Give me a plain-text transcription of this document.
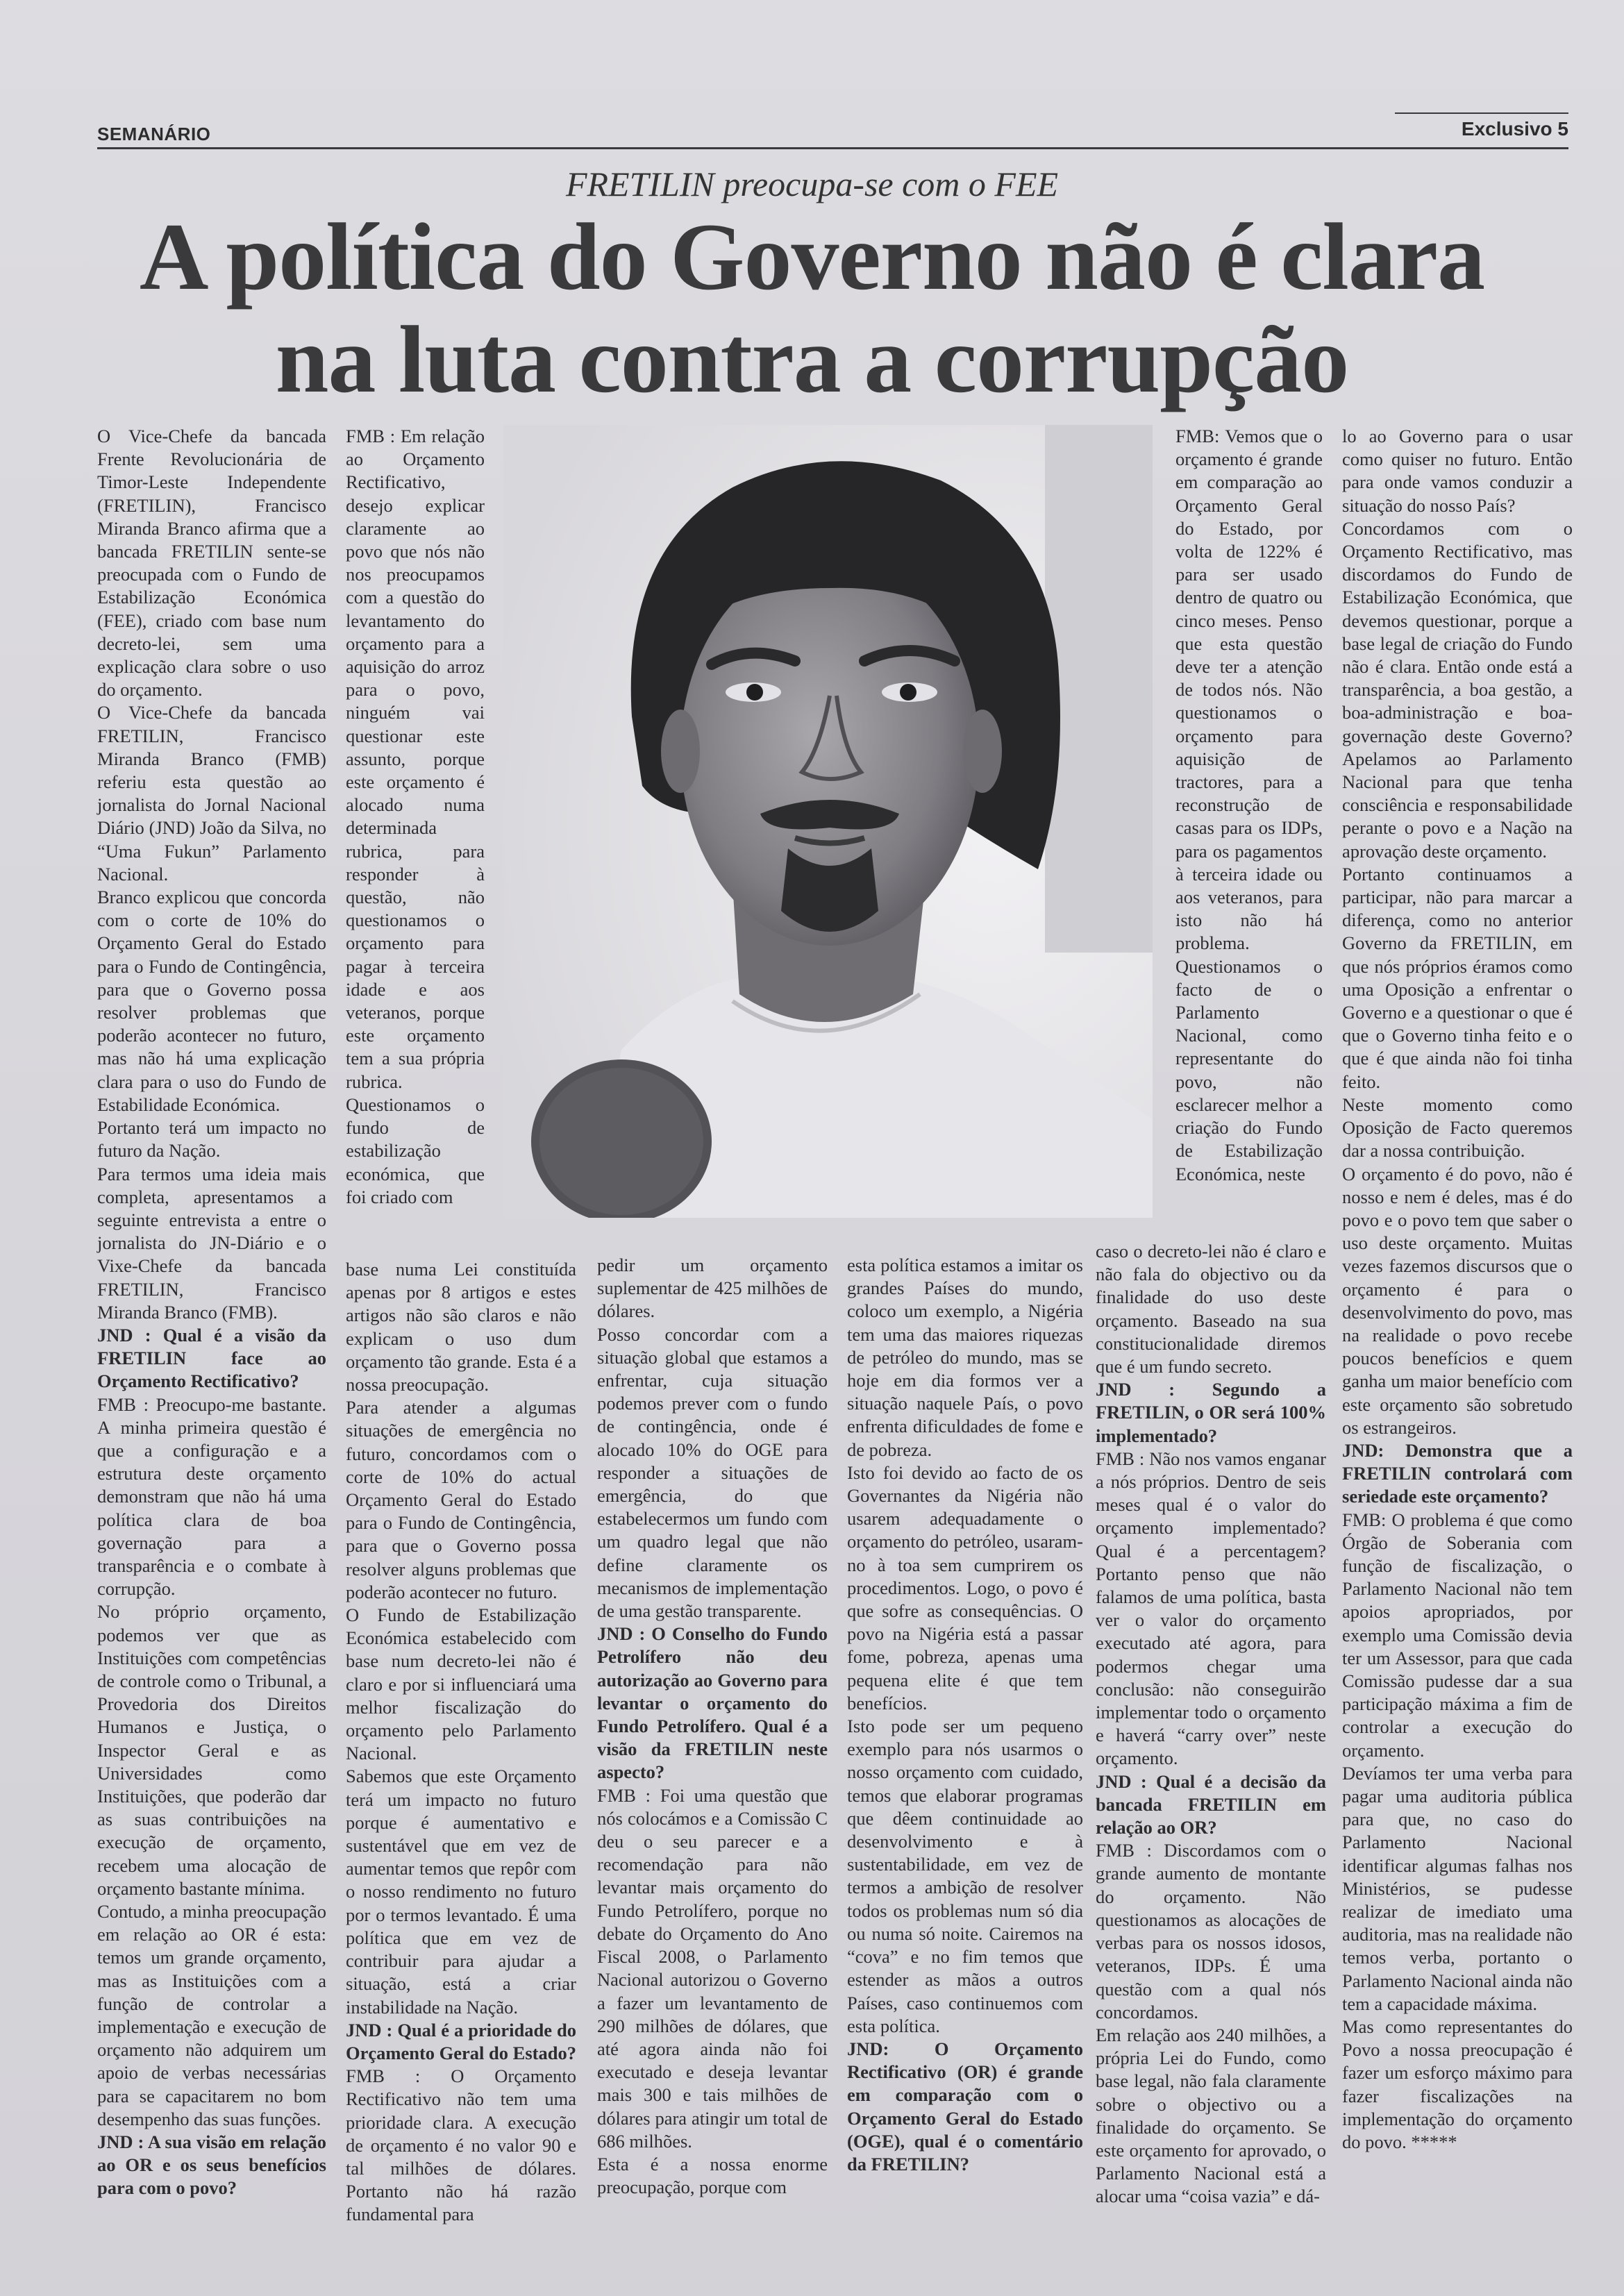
SEMANÁRIO	Exclusivo 5
FRETILIN preocupa-se com o FEE
A política do Governo não é clara
na luta contra a corrupção

O Vice-Chefe da bancada Frente Revolucionária de Timor-Leste Independente (FRETILIN), Francisco Miranda Branco afirma que a bancada FRETILIN sente-se preocupada com o Fundo de Estabilização Económica (FEE), criado com base num decreto-lei, sem uma explicação clara sobre o uso do orçamento.

O Vice-Chefe da bancada FRETILIN, Francisco Miranda Branco (FMB) referiu esta questão ao jornalista do Jornal Nacional Diário (JND) João da Silva, no “Uma Fukun” Parlamento Nacional.

Branco explicou que concorda com o corte de 10% do Orçamento Geral do Estado para o Fundo de Contingência, para que o Governo possa resolver problemas que poderão acontecer no futuro, mas não há uma explicação clara para o uso do Fundo de Estabilidade Económica.

Portanto terá um impacto no futuro da Nação.

Para termos uma ideia mais completa, apresentamos a seguinte entrevista a entre o jornalista do JN-Diário e o Vixe-Chefe da bancada FRETILIN, Francisco Miranda Branco (FMB).

JND : Qual é a visão da FRETILIN face ao Orçamento Rectificativo?

FMB : Preocupo-me bastante. A minha primeira questão é que a configuração e a estrutura deste orçamento demonstram que não há uma política clara de boa governação para a transparência e o combate à corrupção.

No próprio orçamento, podemos ver que as Instituições com competências de controle como o Tribunal, a Provedoria dos Direitos Humanos e Justiça, o Inspector Geral e as Universidades como Instituições, que poderão dar as suas contribuições na execução de orçamento, recebem uma alocação de orçamento bastante mínima.

Contudo, a minha preocupação em relação ao OR é esta: temos um grande orçamento, mas as Instituições com a função de controlar a implementação e execução de orçamento não adquirem um apoio de verbas necessárias para se capacitarem no bom desempenho das suas funções.

JND : A sua visão em relação ao OR e os seus benefícios para com o povo?

FMB : Em relação ao Orçamento Rectificativo, desejo explicar claramente ao povo que nós não nos preocupamos com a questão do levantamento do orçamento para a aquisição do arroz para o povo, ninguém vai questionar este assunto, porque este orçamento é alocado numa determinada rubrica, para responder à questão, não questionamos o orçamento para pagar à terceira idade e aos veteranos, porque este orçamento tem a sua própria rubrica. Questionamos o fundo de estabilização económica, que foi criado com

base numa Lei constituída apenas por 8 artigos e estes artigos não são claros e não explicam o uso dum orçamento tão grande. Esta é a nossa preocupação.

Para atender a algumas situações de emergência no futuro, concordamos com o corte de 10% do actual Orçamento Geral do Estado para o Fundo de Contingência, para que o Governo possa resolver alguns problemas que poderão acontecer no futuro.

O Fundo de Estabilização Económica estabelecido com base num decreto-lei não é claro e por si influenciará uma melhor fiscalização do orçamento pelo Parlamento Nacional.

Sabemos que este Orçamento terá um impacto no futuro porque é aumentativo e sustentável que em vez de aumentar temos que repôr com o nosso rendimento no futuro por o termos levantado. É uma política que em vez de contribuir para ajudar a situação, está a criar instabilidade na Nação.

JND : Qual é a prioridade do Orçamento Geral do Estado?

FMB : O Orçamento Rectificativo não tem uma prioridade clara. A execução de orçamento é no valor 90 e tal milhões de dólares. Portanto não há razão fundamental para

pedir um orçamento suplementar de 425 milhões de dólares.

Posso concordar com a situação global que estamos a enfrentar, cuja situação podemos prever com o fundo de contingência, onde é alocado 10% do OGE para responder a situações de emergência, do que estabelecermos um fundo com um quadro legal que não define claramente os mecanismos de implementação de uma gestão transparente.

JND : O Conselho do Fundo Petrolífero não deu autorização ao Governo para levantar o orçamento do Fundo Petrolífero. Qual é a visão da FRETILIN neste aspecto?

FMB : Foi uma questão que nós colocámos e a Comissão C deu o seu parecer e a recomendação para não levantar mais orçamento do Fundo Petrolífero, porque no debate do Orçamento do Ano Fiscal 2008, o Parlamento Nacional autorizou o Governo a fazer um levantamento de 290 milhões de dólares, que até agora ainda não foi executado e deseja levantar mais 300 e tais milhões de dólares para atingir um total de 686 milhões.

Esta é a nossa enorme preocupação, porque com

esta política estamos a imitar os grandes Países do mundo, coloco um exemplo, a Nigéria tem uma das maiores riquezas de petróleo do mundo, mas se hoje em dia formos ver a situação naquele País, o povo enfrenta dificuldades de fome e de pobreza.

Isto foi devido ao facto de os Governantes da Nigéria não usarem adequadamente o orçamento do petróleo, usaram-no à toa sem cumprirem os procedimentos. Logo, o povo é que sofre as consequências. O povo na Nigéria está a passar fome, pobreza, apenas uma pequena elite é que tem benefícios.

Isto pode ser um pequeno exemplo para nós usarmos o nosso orçamento com cuidado, temos que elaborar programas que dêem continuidade ao desenvolvimento e à sustentabilidade, em vez de termos a ambição de resolver todos os problemas num só dia ou numa só noite. Cairemos na “cova” e no fim temos que estender as mãos a outros Países, caso continuemos com esta política.

JND: O Orçamento Rectificativo (OR) é grande em comparação com o Orçamento Geral do Estado (OGE), qual é o comentário da FRETILIN?

FMB: Vemos que o orçamento é grande em comparação ao Orçamento Geral do Estado, por volta de 122% é para ser usado dentro de quatro ou cinco meses. Penso que esta questão deve ter a atenção de todos nós. Não questionamos o orçamento para aquisição de tractores, para a reconstrução de casas para os IDPs, para os pagamentos à terceira idade ou aos veteranos, para isto não há problema. Questionamos o facto de o Parlamento Nacional, como representante do povo, não esclarecer melhor a criação do Fundo de Estabilização Económica, neste

caso o decreto-lei não é claro e não fala do objectivo ou da finalidade do uso deste orçamento. Baseado na sua constitucionalidade diremos que é um fundo secreto.

JND : Segundo a FRETILIN, o OR será 100% implementado?

FMB : Não nos vamos enganar a nós próprios. Dentro de seis meses qual é o valor do orçamento implementado? Qual é a percentagem? Portanto penso que não falamos de uma política, basta ver o valor do orçamento executado até agora, para podermos chegar uma conclusão: não conseguirão implementar todo o orçamento e haverá “carry over” neste orçamento.

JND : Qual é a decisão da bancada FRETILIN em relação ao OR?

FMB : Discordamos com o grande aumento de montante do orçamento. Não questionamos as alocações de verbas para os nossos idosos, veteranos, IDPs. É uma questão com a qual nós concordamos.

Em relação aos 240 milhões, a própria Lei do Fundo, como base legal, não fala claramente sobre o objectivo ou a finalidade do orçamento. Se este orçamento for aprovado, o Parlamento Nacional está a alocar uma “coisa vazia” e dá-

lo ao Governo para o usar como quiser no futuro. Então para onde vamos conduzir a situação do nosso País?

Concordamos com o Orçamento Rectificativo, mas discordamos do Fundo de Estabilização Económica, que devemos questionar, porque a base legal de criação do Fundo não é clara. Então onde está a transparência, a boa gestão, a boa-administração e boa-governação deste Governo? Apelamos ao Parlamento Nacional para que tenha consciência e responsabilidade perante o povo e a Nação na aprovação deste orçamento.

Portanto continuamos a participar, não para marcar a diferença, como no anterior Governo da FRETILIN, em que nós próprios éramos como uma Oposição a enfrentar o Governo e a questionar o que é que o Governo tinha feito e o que é que ainda não foi tinha feito.

Neste momento como Oposição de Facto queremos dar a nossa contribuição.

O orçamento é do povo, não é nosso e nem é deles, mas é do povo e o povo tem que saber o uso deste orçamento. Muitas vezes fazemos discursos que o orçamento é para o desenvolvimento do povo, mas na realidade o povo recebe poucos benefícios e quem ganha um maior benefício com este orçamento são sobretudo os estrangeiros.

JND: Demonstra que a FRETILIN controlará com seriedade este orçamento?

FMB: O problema é que como Órgão de Soberania com função de fiscalização, o Parlamento Nacional não tem apoios apropriados, por exemplo uma Comissão devia ter um Assessor, para que cada Comissão pudesse dar a sua participação máxima a fim de controlar a execução do orçamento.

Devíamos ter uma verba para pagar uma auditoria pública para que, no caso do Parlamento Nacional identificar algumas falhas nos Ministérios, se pudesse realizar de imediato uma auditoria, mas na realidade não temos verba, portanto o Parlamento Nacional ainda não tem a capacidade máxima.

Mas como representantes do Povo a nossa preocupação é fazer um esforço máximo para fazer fiscalizações na implementação do orçamento do povo. *****
